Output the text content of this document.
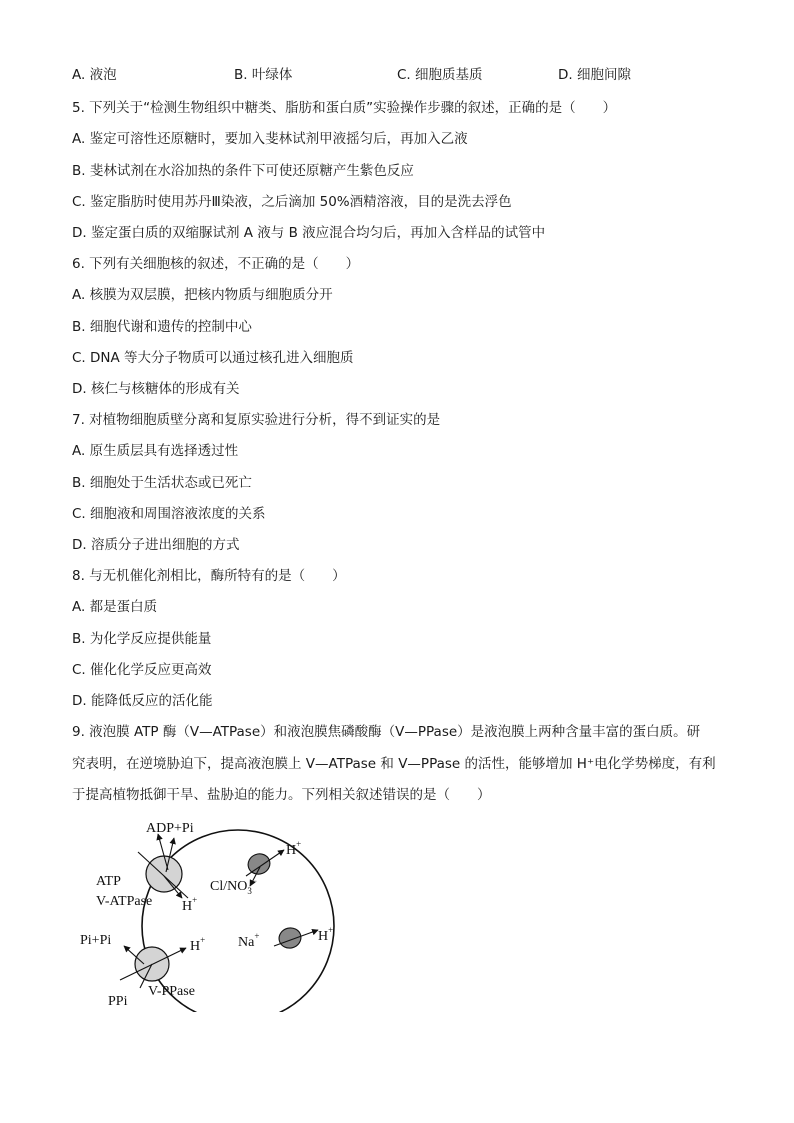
A. 液泡	B. 叶绿体	C. 细胞质基质	D. 细胞间隙
5. 下列关于“检测生物组织中糖类、脂肪和蛋白质”实验操作步骤的叙述，正确的是（　　）
A. 鉴定可溶性还原糖时，要加入斐林试剂甲液摇匀后，再加入乙液
B. 斐林试剂在水浴加热的条件下可使还原糖产生紫色反应
C. 鉴定脂肪时使用苏丹Ⅲ染液，之后滴加 50%酒精溶液，目的是洗去浮色
D. 鉴定蛋白质的双缩脲试剂 A 液与 B 液应混合均匀后，再加入含样品的试管中
6. 下列有关细胞核的叙述，不正确的是（　　）
A. 核膜为双层膜，把核内物质与细胞质分开
B. 细胞代谢和遗传的控制中心
C. DNA 等大分子物质可以通过核孔进入细胞质
D. 核仁与核糖体的形成有关
7. 对植物细胞质壁分离和复原实验进行分析，得不到证实的是
A. 原生质层具有选择透过性
B. 细胞处于生活状态或已死亡
C. 细胞液和周围溶液浓度的关系
D. 溶质分子进出细胞的方式
8. 与无机催化剂相比，酶所特有的是（　　）
A. 都是蛋白质
B. 为化学反应提供能量
C. 催化化学反应更高效
D. 能降低反应的活化能
9. 液泡膜 ATP 酶（V—ATPase）和液泡膜焦磷酸酶（V—PPase）是液泡膜上两种含量丰富的蛋白质。研
究表明，在逆境胁迫下，提高液泡膜上 V—ATPase 和 V—PPase 的活性，能够增加 H⁺电化学势梯度，有利
于提高植物抵御干旱、盐胁迫的能力。下列相关叙述错误的是（　　）
ADP+Pi
ATP
V-ATPase H+
H+
$Cl/NO_3^-$
Na+	H+
Pi+Pi	H+
V-PPase
PPi
